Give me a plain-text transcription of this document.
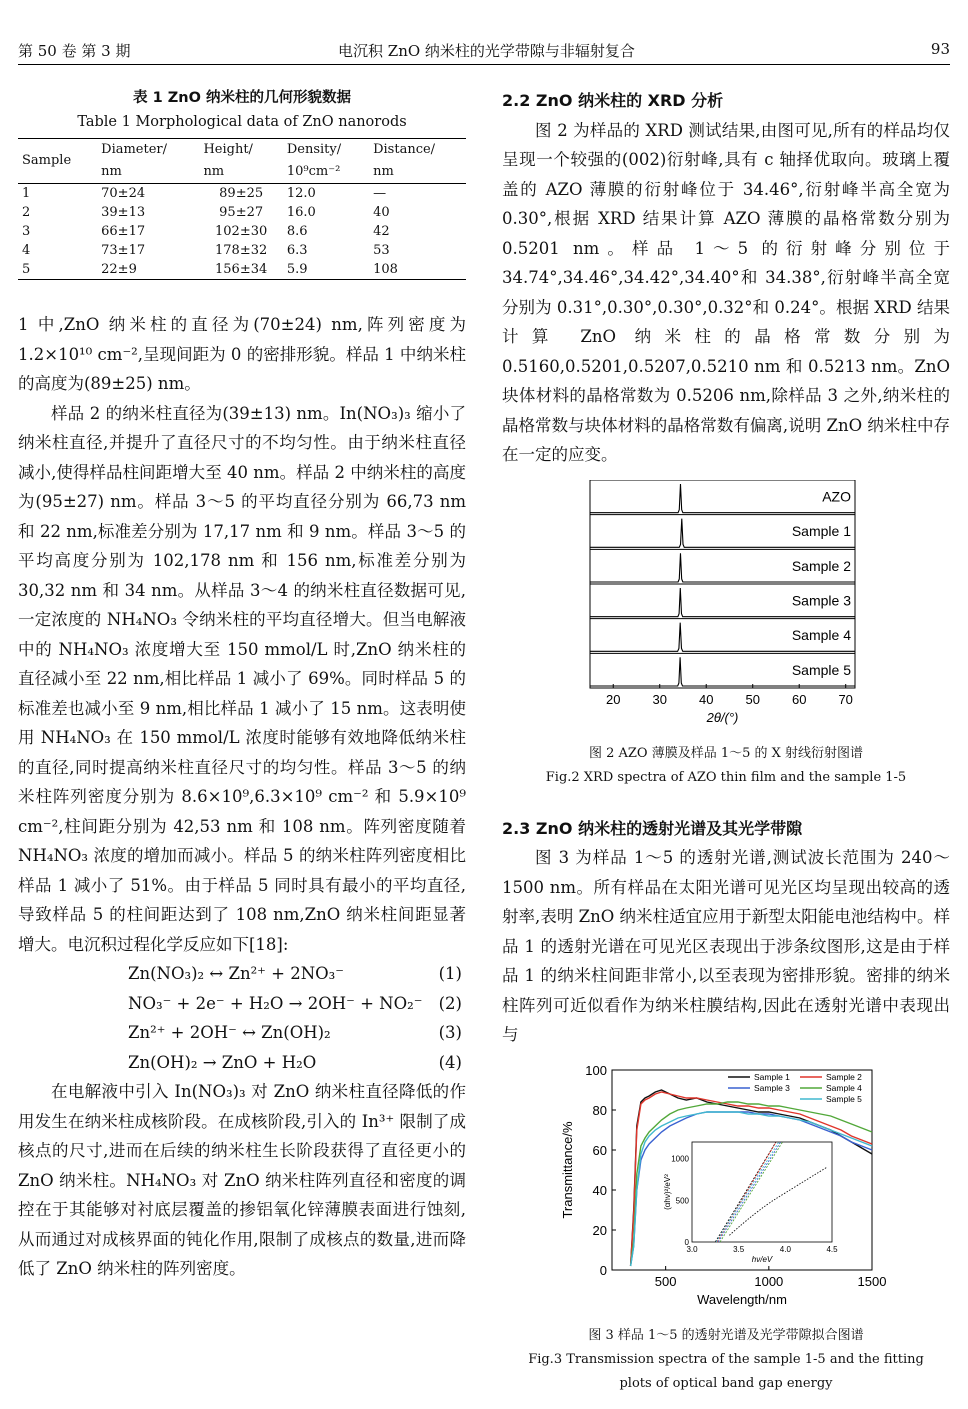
第 50 卷 第 3 期	电沉积 ZnO 纳米柱的光学带隙与非辐射复合	93
表 1 ZnO 纳米柱的几何形貌数据
Table 1 Morphological data of ZnO nanorods
Sample	Diameter/	Height/	Density/	Distance/
	nm	nm	10⁹cm⁻²	nm
1	70±24	89±25	12.0	—
2	39±13	95±27	16.0	40
3	66±17	102±30	8.6	42
4	73±17	178±32	6.3	53
5	22±9	156±34	5.9	108

1 中,ZnO 纳米柱的直径为(70±24) nm,阵列密度为 1.2×10¹⁰ cm⁻²,呈现间距为 0 的密排形貌。样品 1 中纳米柱的高度为(89±25) nm。

样品 2 的纳米柱直径为(39±13) nm。In(NO₃)₃ 缩小了纳米柱直径,并提升了直径尺寸的不均匀性。由于纳米柱直径减小,使得样品柱间距增大至 40 nm。样品 2 中纳米柱的高度为(95±27) nm。样品 3～5 的平均直径分别为 66,73 nm 和 22 nm,标准差分别为 17,17 nm 和 9 nm。样品 3～5 的平均高度分别为 102,178 nm 和 156 nm,标准差分别为 30,32 nm 和 34 nm。从样品 3～4 的纳米柱直径数据可见,一定浓度的 NH₄NO₃ 令纳米柱的平均直径增大。但当电解液中的 NH₄NO₃ 浓度增大至 150 mmol/L 时,ZnO 纳米柱的直径减小至 22 nm,相比样品 1 减小了 69%。同时样品 5 的标准差也减小至 9 nm,相比样品 1 减小了 15 nm。这表明使用 NH₄NO₃ 在 150 mmol/L 浓度时能够有效地降低纳米柱的直径,同时提高纳米柱直径尺寸的均匀性。样品 3～5 的纳米柱阵列密度分别为 8.6×10⁹,6.3×10⁹ cm⁻² 和 5.9×10⁹ cm⁻²,柱间距分别为 42,53 nm 和 108 nm。阵列密度随着 NH₄NO₃ 浓度的增加而减小。样品 5 的纳米柱阵列密度相比样品 1 减小了 51%。由于样品 5 同时具有最小的平均直径,导致样品 5 的柱间距达到了 108 nm,ZnO 纳米柱间距显著增大。电沉积过程化学反应如下[18]:

Zn(NO₃)₂ ↔ Zn²⁺ + 2NO₃⁻	(1)
NO₃⁻ + 2e⁻ + H₂O → 2OH⁻ + NO₂⁻ (2)
Zn²⁺ + 2OH⁻ ↔ Zn(OH)₂	(3)
Zn(OH)₂ → ZnO + H₂O	(4)

在电解液中引入 In(NO₃)₃ 对 ZnO 纳米柱直径降低的作用发生在纳米柱成核阶段。在成核阶段,引入的 In³⁺ 限制了成核点的尺寸,进而在后续的纳米柱生长阶段获得了直径更小的 ZnO 纳米柱。NH₄NO₃ 对 ZnO 纳米柱阵列直径和密度的调控在于其能够对衬底层覆盖的掺铝氧化锌薄膜表面进行蚀刻,从而通过对成核界面的钝化作用,限制了成核点的数量,进而降低了 ZnO 纳米柱的阵列密度。

2.2 ZnO 纳米柱的 XRD 分析

图 2 为样品的 XRD 测试结果,由图可见,所有的样品均仅呈现一个较强的(002)衍射峰,具有 c 轴择优取向。玻璃上覆盖的 AZO 薄膜的衍射峰位于 34.46°,衍射峰半高全宽为 0.30°,根据 XRD 结果计算 AZO 薄膜的晶格常数分别为 0.5201 nm。样品 1～5 的衍射峰分别位于 34.74°,34.46°,34.42°,34.40°和 34.38°,衍射峰半高全宽分别为 0.31°,0.30°,0.30°,0.32°和 0.24°。根据 XRD 结果计算 ZnO 纳米柱的晶格常数分别为 0.5160,0.5201,0.5207,0.5210 nm 和 0.5213 nm。ZnO 块体材料的晶格常数为 0.5206 nm,除样品 3 之外,纳米柱的晶格常数与块体材料的晶格常数有偏离,说明 ZnO 纳米柱中存在一定的应变。

AZO
Sample 1
Sample 2
Sample 3
Sample 4
Sample 5
20 30 40 50 60 70
2θ/(°)
图 2 AZO 薄膜及样品 1～5 的 X 射线衍射图谱
Fig.2 XRD spectra of AZO thin film and the sample 1-5
2.3 ZnO 纳米柱的透射光谱及其光学带隙

图 3 为样品 1～5 的透射光谱,测试波长范围为 240～1500 nm。所有样品在太阳光谱可见光区均呈现出较高的透射率,表明 ZnO 纳米柱适宜应用于新型太阳能电池结构中。样品 1 的透射光谱在可见光区表现出于涉条纹图形,这是由于样品 1 的纳米柱间距非常小,以至表现为密排形貌。密排的纳米柱阵列可近似看作为纳米柱膜结构,因此在透射光谱中表现出与

0
20
40
60
80
100
500	1000	1500
Wavelength/nm
Transmittance/%
Sample 1	Sample 2
Sample 3	Sample 4
Sample 5
3.0	3.5	4.0	4.5
0
500
1000
hν/eV
(αhν)²/eV²
图 3 样品 1～5 的透射光谱及光学带隙拟合图谱
Fig.3 Transmission spectra of the sample 1-5 and the fitting
plots of optical band gap energy
